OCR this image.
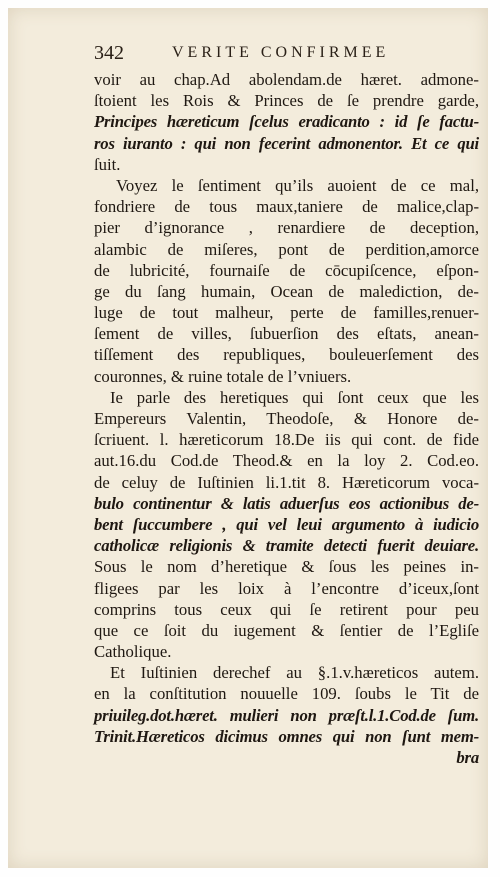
342	VERITE CONFIRMEE
voir au chap.Ad abolendam.de hæret. admone-
ſtoient les Rois & Princes de ſe prendre garde,
Principes hæreticum ſcelus eradicanto : id ſe factu-
ros iuranto : qui non fecerint admonentor. Et ce qui
ſuit.
Voyez le ſentiment qu’ils auoient de ce mal,
fondriere de tous maux,taniere de malice,clap-
pier d’ignorance , renardiere de deception,
alambic de miſeres, pont de perdition,amorce
de lubricité, fournaiſe de cōcupiſcence, eſpon-
ge du ſang humain, Ocean de malediction, de-
luge de tout malheur, perte de familles,renuer-
ſement de villes, ſubuerſion des eſtats, anean-
tiſſement des republiques, bouleuerſement des
couronnes, & ruine totale de l’vniuers.
Ie parle des heretiques qui ſont ceux que les
Empereurs Valentin, Theodoſe, & Honore de-
ſcriuent. l. hæreticorum 18.De iis qui cont. de fide
aut.16.du Cod.de Theod.& en la loy 2. Cod.eo.
de celuy de Iuſtinien li.1.tit 8. Hæreticorum voca-
bulo continentur & latis aduerſus eos actionibus de-
bent ſuccumbere , qui vel leui argumento à iudicio
catholicæ religionis & tramite detecti fuerit deuiare.
Sous le nom d’heretique & ſous les peines in-
fligees par les loix à l’encontre d’iceux,ſont
comprins tous ceux qui ſe retirent pour peu
que ce ſoit du iugement & ſentier de l’Egliſe
Catholique.
Et Iuſtinien derechef au §.1.v.hæreticos autem.
en la conſtitution nouuelle 109. ſoubs le Tit de
priuileg.dot.hæret. mulieri non præſt.l.1.Cod.de ſum.
Trinit.Hæreticos dicimus omnes qui non ſunt mem-
bra
